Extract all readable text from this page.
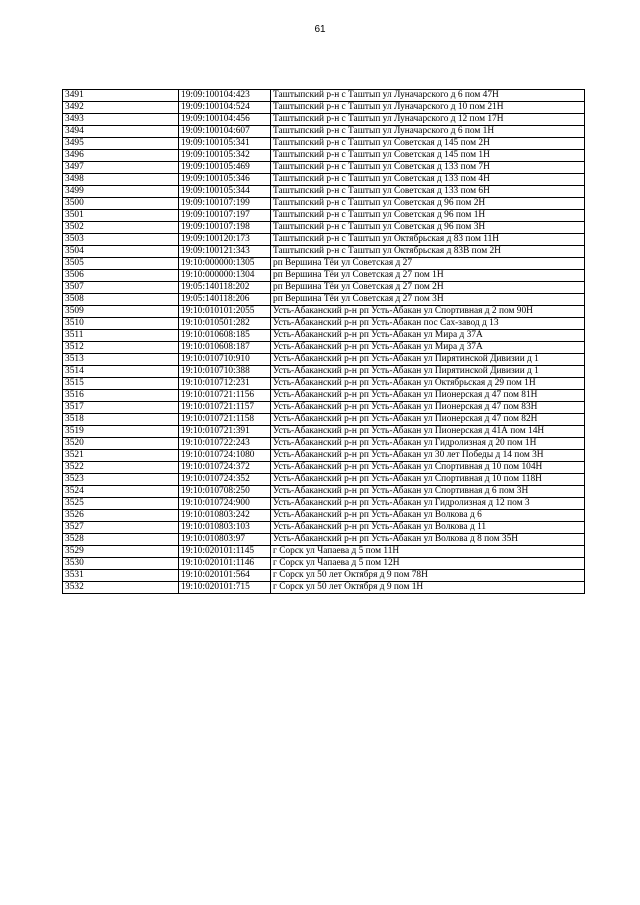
61
3491	19:09:100104:423	Таштыпский р-н с Таштып ул Луначарского д 6 пом 47Н
3492	19:09:100104:524	Таштыпский р-н с Таштып ул Луначарского д 10 пом 21Н
3493	19:09:100104:456	Таштыпский р-н с Таштып ул Луначарского д 12 пом 17Н
3494	19:09:100104:607	Таштыпский р-н с Таштып ул Луначарского д 6 пом 1Н
3495	19:09:100105:341	Таштыпский р-н с Таштып ул Советская д 145 пом 2Н
3496	19:09:100105:342	Таштыпский р-н с Таштып ул Советская д 145 пом 1Н
3497	19:09:100105:469	Таштыпский р-н с Таштып ул Советская д 133 пом 7Н
3498	19:09:100105:346	Таштыпский р-н с Таштып ул Советская д 133 пом 4Н
3499	19:09:100105:344	Таштыпский р-н с Таштып ул Советская д 133 пом 6Н
3500	19:09:100107:199	Таштыпский р-н с Таштып ул Советская д 96 пом 2Н
3501	19:09:100107:197	Таштыпский р-н с Таштып ул Советская д 96 пом 1Н
3502	19:09:100107:198	Таштыпский р-н с Таштып ул Советская д 96 пом 3Н
3503	19:09:100120:173	Таштыпский р-н с Таштып ул Октябрьская д 83 пом 11Н
3504	19:09:100121:343	Таштыпский р-н с Таштып ул Октябрьская д 83В пом 2Н
3505	19:10:000000:1305	рп Вершина Тёи ул Советская д 27
3506	19:10:000000:1304	рп Вершина Тёи ул Советская д 27 пом 1Н
3507	19:05:140118:202	рп Вершина Тёи ул Советская д 27 пом 2Н
3508	19:05:140118:206	рп Вершина Тёи ул Советская д 27 пом 3Н
3509	19:10:010101:2055	Усть-Абаканский р-н рп Усть-Абакан ул Спортивная д 2 пом 90Н
3510	19:10:010501:282	Усть-Абаканский р-н рп Усть-Абакан пос Сах-завод д 13
3511	19:10:010608:185	Усть-Абаканский р-н рп Усть-Абакан ул Мира д 37А
3512	19:10:010608:187	Усть-Абаканский р-н рп Усть-Абакан ул Мира д 37А
3513	19:10:010710:910	Усть-Абаканский р-н рп Усть-Абакан ул Пирятинской Дивизии д 1
3514	19:10:010710:388	Усть-Абаканский р-н рп Усть-Абакан ул Пирятинской Дивизии д 1
3515	19:10:010712:231	Усть-Абаканский р-н рп Усть-Абакан ул Октябрьская д 29 пом 1Н
3516	19:10:010721:1156	Усть-Абаканский р-н рп Усть-Абакан ул Пионерская д 47 пом 81Н
3517	19:10:010721:1157	Усть-Абаканский р-н рп Усть-Абакан ул Пионерская д 47 пом 83Н
3518	19:10:010721:1158	Усть-Абаканский р-н рп Усть-Абакан ул Пионерская д 47 пом 82Н
3519	19:10:010721:391	Усть-Абаканский р-н рп Усть-Абакан ул Пионерская д 41А пом 14Н
3520	19:10:010722:243	Усть-Абаканский р-н рп Усть-Абакан ул Гидролизная д 20 пом 1Н
3521	19:10:010724:1080	Усть-Абаканский р-н рп Усть-Абакан ул 30 лет Победы д 14 пом 3Н
3522	19:10:010724:372	Усть-Абаканский р-н рп Усть-Абакан ул Спортивная д 10 пом 104Н
3523	19:10:010724:352	Усть-Абаканский р-н рп Усть-Абакан ул Спортивная д 10 пом 118Н
3524	19:10:010708:250	Усть-Абаканский р-н рп Усть-Абакан ул Спортивная д 6 пом 3Н
3525	19:10:010724:900	Усть-Абаканский р-н рп Усть-Абакан ул Гидролизная д 12 пом 3
3526	19:10:010803:242	Усть-Абаканский р-н рп Усть-Абакан ул Волкова д 6
3527	19:10:010803:103	Усть-Абаканский р-н рп Усть-Абакан ул Волкова д 11
3528	19:10:010803:97	Усть-Абаканский р-н рп Усть-Абакан ул Волкова д 8 пом 35Н
3529	19:10:020101:1145	г Сорск ул Чапаева д 5 пом 11Н
3530	19:10:020101:1146	г Сорск ул Чапаева д 5 пом 12Н
3531	19:10:020101:564	г Сорск ул 50 лет Октября д 9 пом 78Н
3532	19:10:020101:715	г Сорск ул 50 лет Октября д 9 пом 1Н
